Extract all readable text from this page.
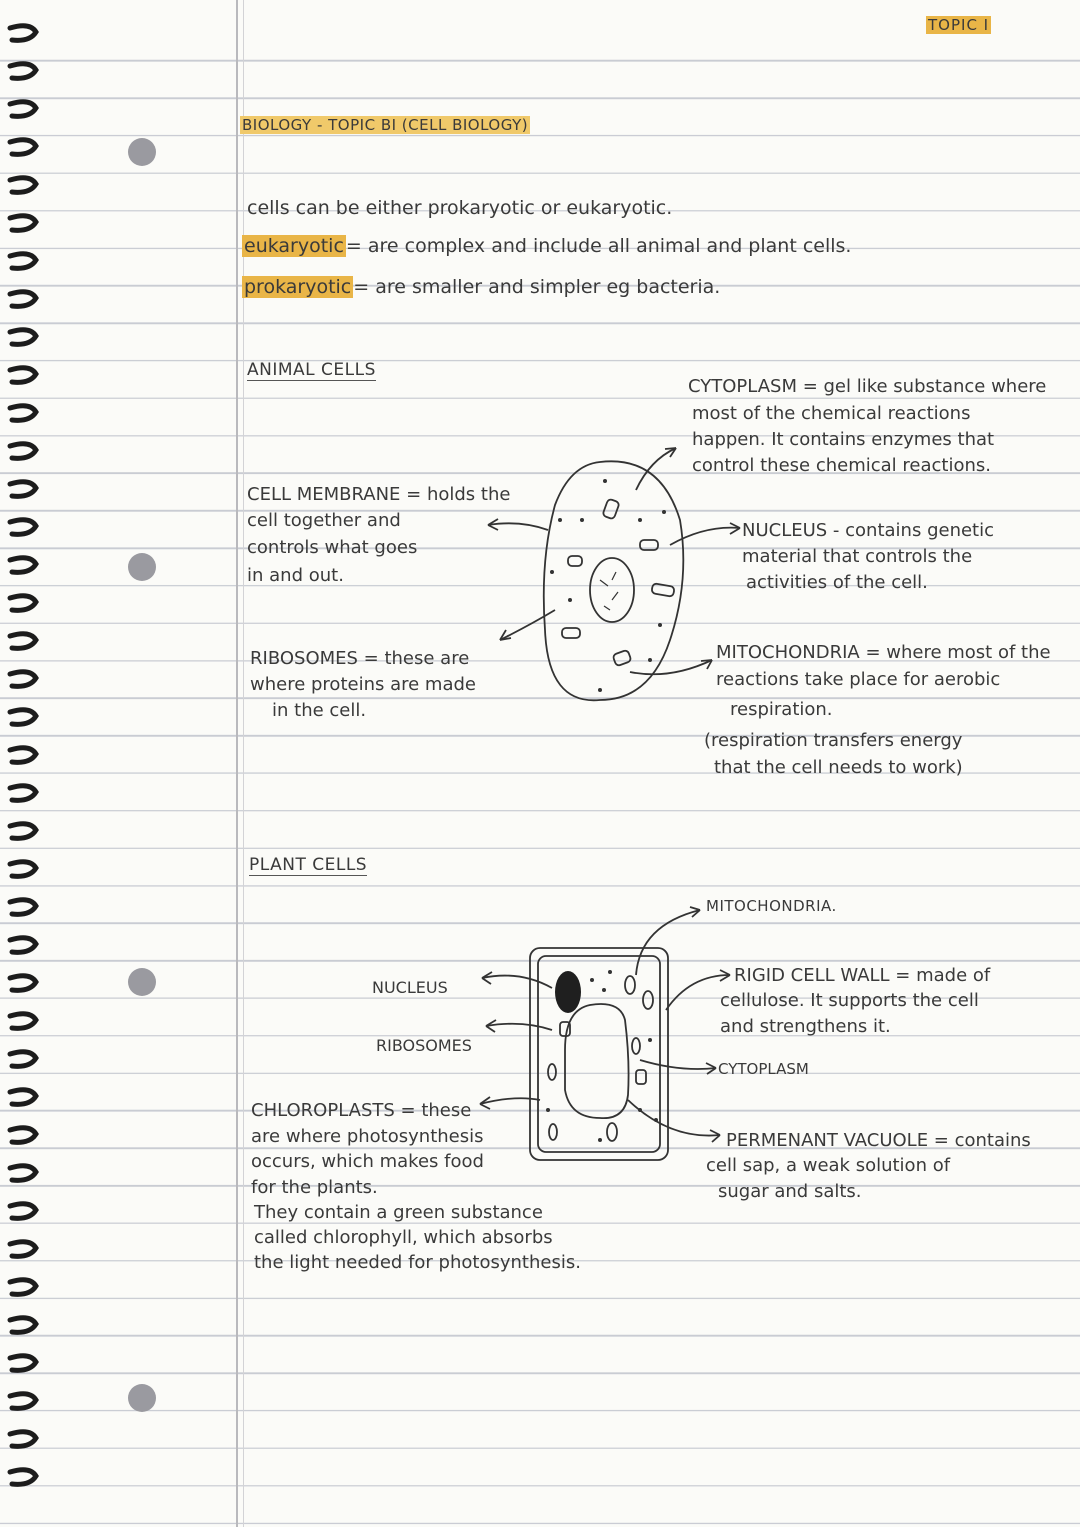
TOPIC I
BIOLOGY - TOPIC BI (CELL BIOLOGY)
cells can be either prokaryotic or eukaryotic.
eukaryotic = are complex and include all animal and plant cells.
prokaryotic = are smaller and simpler eg bacteria.
ANIMAL CELLS
CELL MEMBRANE = holds the
cell together and
controls what goes
in and out.
RIBOSOMES = these are
where proteins are made
in the cell.
CYTOPLASM = gel like substance where
most of the chemical reactions
happen. It contains enzymes that
control these chemical reactions.
NUCLEUS - contains genetic
material that controls the
activities of the cell.
MITOCHONDRIA = where most of the
reactions take place for aerobic
respiration.
(respiration transfers energy
that the cell needs to work)
PLANT CELLS
NUCLEUS
RIBOSOMES
CHLOROPLASTS = these
are where photosynthesis
occurs, which makes food
for the plants.
They contain a green substance
called chlorophyll, which absorbs
the light needed for photosynthesis.
MITOCHONDRIA.
RIGID CELL WALL = made of
cellulose. It supports the cell
and strengthens it.
CYTOPLASM
PERMENANT VACUOLE = contains
cell sap, a weak solution of
sugar and salts.
